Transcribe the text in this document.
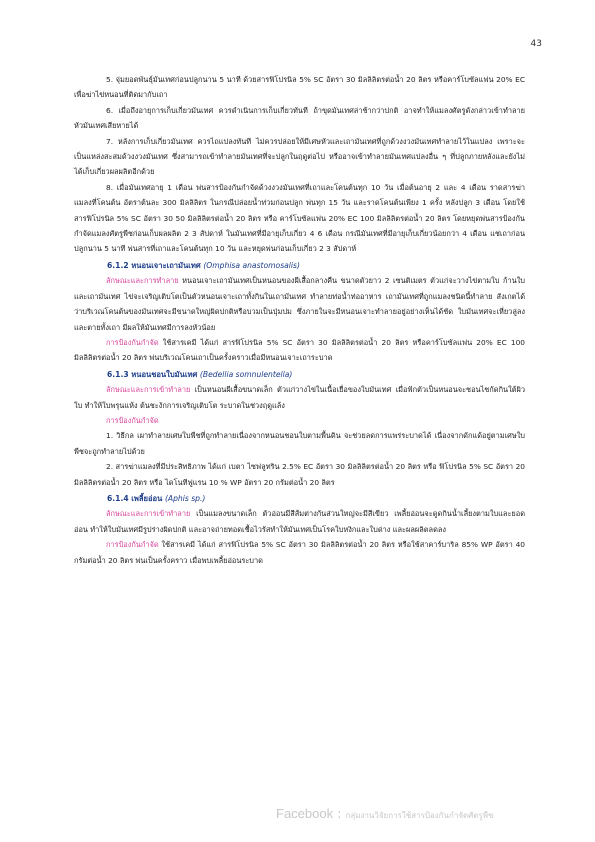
43

5. จุ่มยอดพันธุ์มันเทศก่อนปลูกนาน 5 นาที ด้วยสารฟิโปรนิล 5% SC อัตรา 30 มิลลิลิตรต่อน้ำ 20 ลิตร หรือคาร์โบซัลแฟน 20% EC เพื่อฆ่าไข่หนอนที่ติดมากับเถา

6. เมื่อถึงอายุการเก็บเกี่ยวมันเทศ ควรดำเนินการเก็บเกี่ยวทันที ถ้าขุดมันเทศล่าช้ากว่าปกติ อาจทำให้แมลงศัตรูดังกล่าวเข้าทำลายหัวมันเทศเสียหายได้

7. หลังการเก็บเกี่ยวมันเทศ ควรไถแปลงทันที ไม่ควรปล่อยให้มีเศษหัวและเถามันเทศที่ถูกด้วงงวงมันเทศทำลายไว้ในแปลง เพราะจะเป็นแหล่งสะสมด้วงงวงมันเทศ ซึ่งสามารถเข้าทำลายมันเทศที่จะปลูกในฤดูต่อไป หรืออาจเข้าทำลายมันเทศแปลงอื่น ๆ ที่ปลูกภายหลังและยังไม่ได้เก็บเกี่ยวผลผลิตอีกด้วย

8. เมื่อมันเทศอายุ 1 เดือน พ่นสารป้องกันกำจัดด้วงงวงมันเทศที่เถาและโคนต้นทุก 10 วัน เมื่อต้นอายุ 2 และ 4 เดือน ราดสารฆ่าแมลงที่โคนต้น อัตราต้นละ 300 มิลลิลิตร ในกรณีปล่อยน้ำท่วมก่อนปลูก พ่นทุก 15 วัน และราดโคนต้นเพียง 1 ครั้ง หลังปลูก 3 เดือน โดยใช้สารฟิโปรนิล 5% SC อัตรา 30 50 มิลลิลิตรต่อน้ำ 20 ลิตร หรือ คาร์โบซัลแฟน 20% EC 100 มิลลิลิตรต่อน้ำ 20 ลิตร โดยหยุดพ่นสารป้องกันกำจัดแมลงศัตรูพืชก่อนเก็บผลผลิต 2 3 สัปดาห์ ในมันเทศที่มีอายุเก็บเกี่ยว 4 6 เดือน กรณีมันเทศที่มีอายุเก็บเกี่ยวน้อยกว่า 4 เดือน แช่เถาก่อนปลูกนาน 5 นาที พ่นสารที่เถาและโคนต้นทุก 10 วัน และหยุดพ่นก่อนเก็บเกี่ยว 2 3 สัปดาห์

6.1.2 หนอนเจาะเถามันเทศ (Omphisa anastomosalis)

ลักษณะและการทำลาย หนอนเจาะเถามันเทศเป็นหนอนของผีเสื้อกลางคืน ขนาดตัวยาว 2 เซนติเมตร ตัวแก่จะวางไข่ตามใบ ก้านใบ และเถามันเทศ ไข่จะเจริญเติบโตเป็นตัวหนอนเจาะเถาทั้งกินในเถามันเทศ ทำลายท่อน้ำท่ออาหาร เถามันเทศที่ถูกแมลงชนิดนี้ทำลาย สังเกตได้ว่าบริเวณโคนต้นของมันเทศจะมีขนาดใหญ่ผิดปกติหรือบวมเป็นปุ่มปม ซึ่งภายในจะมีหนอนเจาะทำลายอยู่อย่างเห็นได้ชัด ใบมันเทศจะเหี่ยวลู่ลง และตายทั้งเถา มีผลให้มันเทศมีการลงหัวน้อย

การป้องกันกำจัด ใช้สารเคมี ได้แก่ สารฟิโปรนิล 5% SC อัตรา 30 มิลลิลิตรต่อน้ำ 20 ลิตร หรือคาร์โบซัลแฟน 20% EC 100 มิลลิลิตรต่อน้ำ 20 ลิตร พ่นบริเวณโคนเถาเป็นครั้งคราวเมื่อมีหนอนเจาะเถาระบาด

6.1.3 หนอนชอนใบมันเทศ (Bedellia somnulentella)

ลักษณะและการเข้าทำลาย เป็นหนอนผีเสื้อขนาดเล็ก ตัวแก่วางไข่ในเนื้อเยื่อของใบมันเทศ เมื่อฟักตัวเป็นหนอนจะชอนไชกัดกินใต้ผิวใบ ทำให้ใบพรุนแห้ง ต้นชะงักการเจริญเติบโต ระบาดในช่วงฤดูแล้ง

การป้องกันกำจัด

1. วิธีกล เผาทำลายเศษใบพืชที่ถูกทำลายเนื่องจากหนอนชอนใบตามพื้นดิน จะช่วยลดการแพร่ระบาดได้ เนื่องจากดักแด้อยู่ตามเศษใบพืชจะถูกทำลายไปด้วย

2. สารฆ่าแมลงที่มีประสิทธิภาพ ได้แก่ เบตา ไซฟลูทริน 2.5% EC อัตรา 30 มิลลิลิตรต่อน้ำ 20 ลิตร หรือ ฟิโปรนิล 5% SC อัตรา 20 มิลลิลิตรต่อน้ำ 20 ลิตร หรือ ไดโนทีฟูแรน 10 % WP อัตรา 20 กรัมต่อน้ำ 20 ลิตร

6.1.4 เพลี้ยอ่อน (Aphis sp.)

ลักษณะและการเข้าทำลาย เป็นแมลงขนาดเล็ก ตัวอ่อนมีสีส้มต่างกันส่วนใหญ่จะมีสีเขียว เพลี้ยอ่อนจะดูดกินน้ำเลี้ยงตามใบและยอดอ่อน ทำให้ใบมันเทศมีรูปร่างผิดปกติ และอาจถ่ายทอดเชื้อไวรัสทำให้มันเทศเป็นโรคใบหงิกและใบด่าง และผลผลิตลดลง

การป้องกันกำจัด ใช้สารเคมี ได้แก่ สารฟิโปรนิล 5% SC อัตรา 30 มิลลิลิตรต่อน้ำ 20 ลิตร หรือใช้สาคาร์บาริล 85% WP อัตรา 40 กรัมต่อน้ำ 20 ลิตร พ่นเป็นครั้งคราว เมื่อพบเพลี้ยอ่อนระบาด

Facebook : กลุ่มงานวิจัยการใช้สารป้องกันกำจัดศัตรูพืช
